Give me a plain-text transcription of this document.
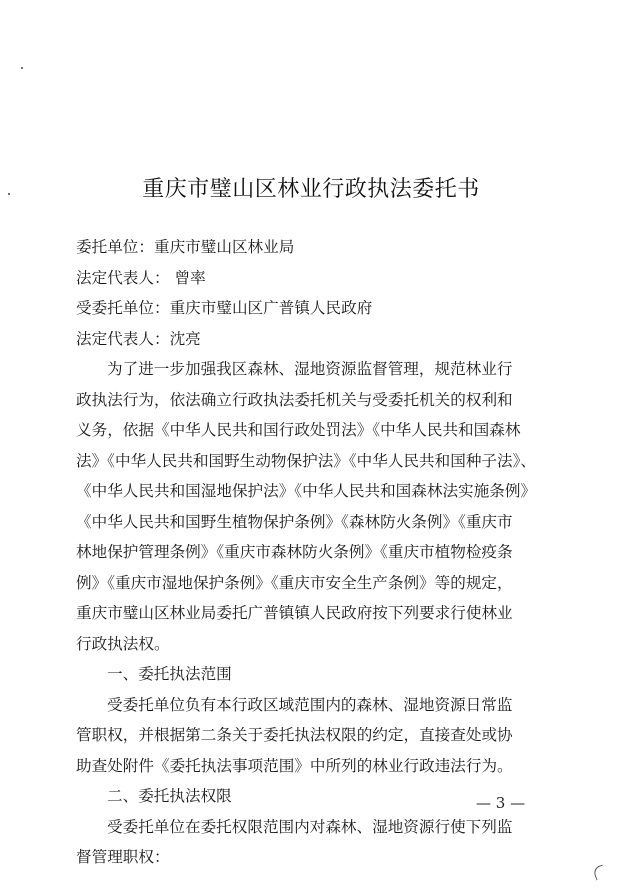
重庆市璧山区林业行政执法委托书
委托单位：重庆市璧山区林业局
法定代表人： 曾率
受委托单位：重庆市璧山区广普镇人民政府
法定代表人：沈亮
为了进一步加强我区森林、湿地资源监督管理，规范林业行
政执法行为，依法确立行政执法委托机关与受委托机关的权利和
义务，依据《中华人民共和国行政处罚法》《中华人民共和国森林
法》《中华人民共和国野生动物保护法》《中华人民共和国种子法》、
《中华人民共和国湿地保护法》《中华人民共和国森林法实施条例》
《中华人民共和国野生植物保护条例》《森林防火条例》《重庆市
林地保护管理条例》《重庆市森林防火条例》《重庆市植物检疫条
例》《重庆市湿地保护条例》《重庆市安全生产条例》等的规定，
重庆市璧山区林业局委托广普镇镇人民政府按下列要求行使林业
行政执法权。
一、委托执法范围
受委托单位负有本行政区域范围内的森林、湿地资源日常监
管职权，并根据第二条关于委托执法权限的约定，直接查处或协
助查处附件《委托执法事项范围》中所列的林业行政违法行为。
二、委托执法权限
受委托单位在委托权限范围内对森林、湿地资源行使下列监
督管理职权：
— 3 —
